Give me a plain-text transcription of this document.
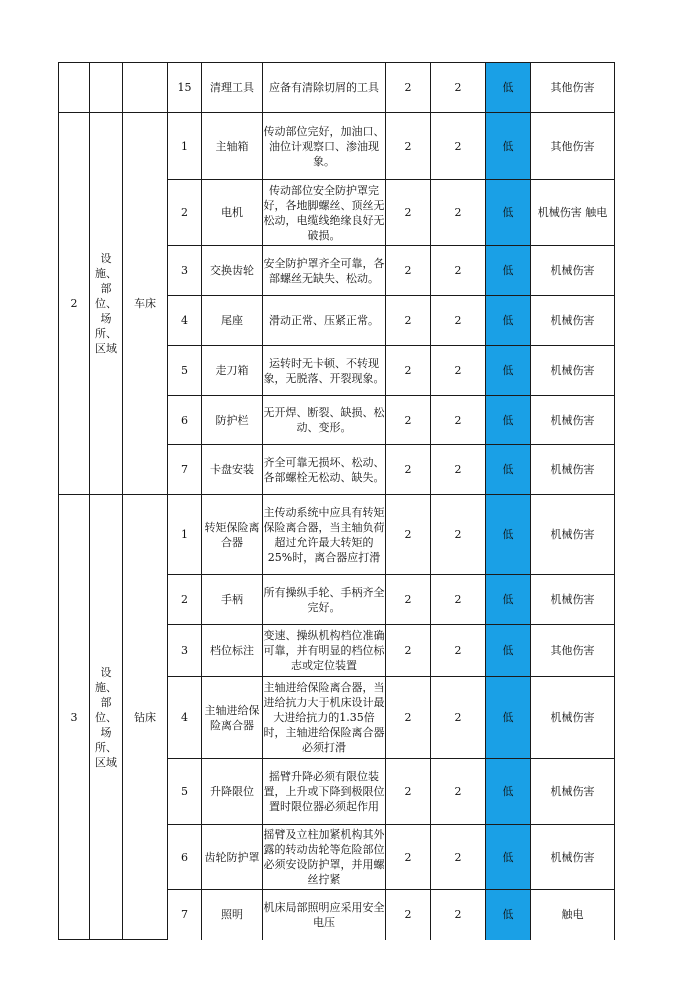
			15	清理工具	应备有清除切屑的工具	2	2	低	其他伤害
2	设施、部位、场所、区域	车床	1	主轴箱	传动部位完好，加油口、油位计观察口、渗油现象。	2	2	低	其他伤害
			2	电机	传动部位安全防护罩完好，各地脚螺丝、顶丝无松动，电缆线绝缘良好无破损。	2	2	低	机械伤害 触电
			3	交换齿轮	安全防护罩齐全可靠，各部螺丝无缺失、松动。	2	2	低	机械伤害
			4	尾座	滑动正常、压紧正常。	2	2	低	机械伤害
			5	走刀箱	运转时无卡顿、不转现象，无脱落、开裂现象。	2	2	低	机械伤害
			6	防护栏	无开焊、断裂、缺损、松动、变形。	2	2	低	机械伤害
			7	卡盘安装	齐全可靠无损坏、松动、各部螺栓无松动、缺失。	2	2	低	机械伤害
3	设施、部位、场所、区域	钻床	1	转矩保险离合器	主传动系统中应具有转矩保险离合器，当主轴负荷超过允许最大转矩的25%时，离合器应打滑	2	2	低	机械伤害
			2	手柄	所有操纵手轮、手柄齐全完好。	2	2	低	机械伤害
			3	档位标注	变速、操纵机构档位准确可靠，并有明显的档位标志或定位装置	2	2	低	其他伤害
			4	主轴进给保险离合器	主轴进给保险离合器，当进给抗力大于机床设计最大进给抗力的1.35倍时，主轴进给保险离合器必须打滑	2	2	低	机械伤害
			5	升降限位	摇臂升降必须有限位装置，上升或下降到极限位置时限位器必须起作用	2	2	低	机械伤害
			6	齿轮防护罩	摇臂及立柱加紧机构其外露的转动齿轮等危险部位必须安设防护罩，并用螺丝拧紧	2	2	低	机械伤害
			7	照明	机床局部照明应采用安全电压	2	2	低	触电
